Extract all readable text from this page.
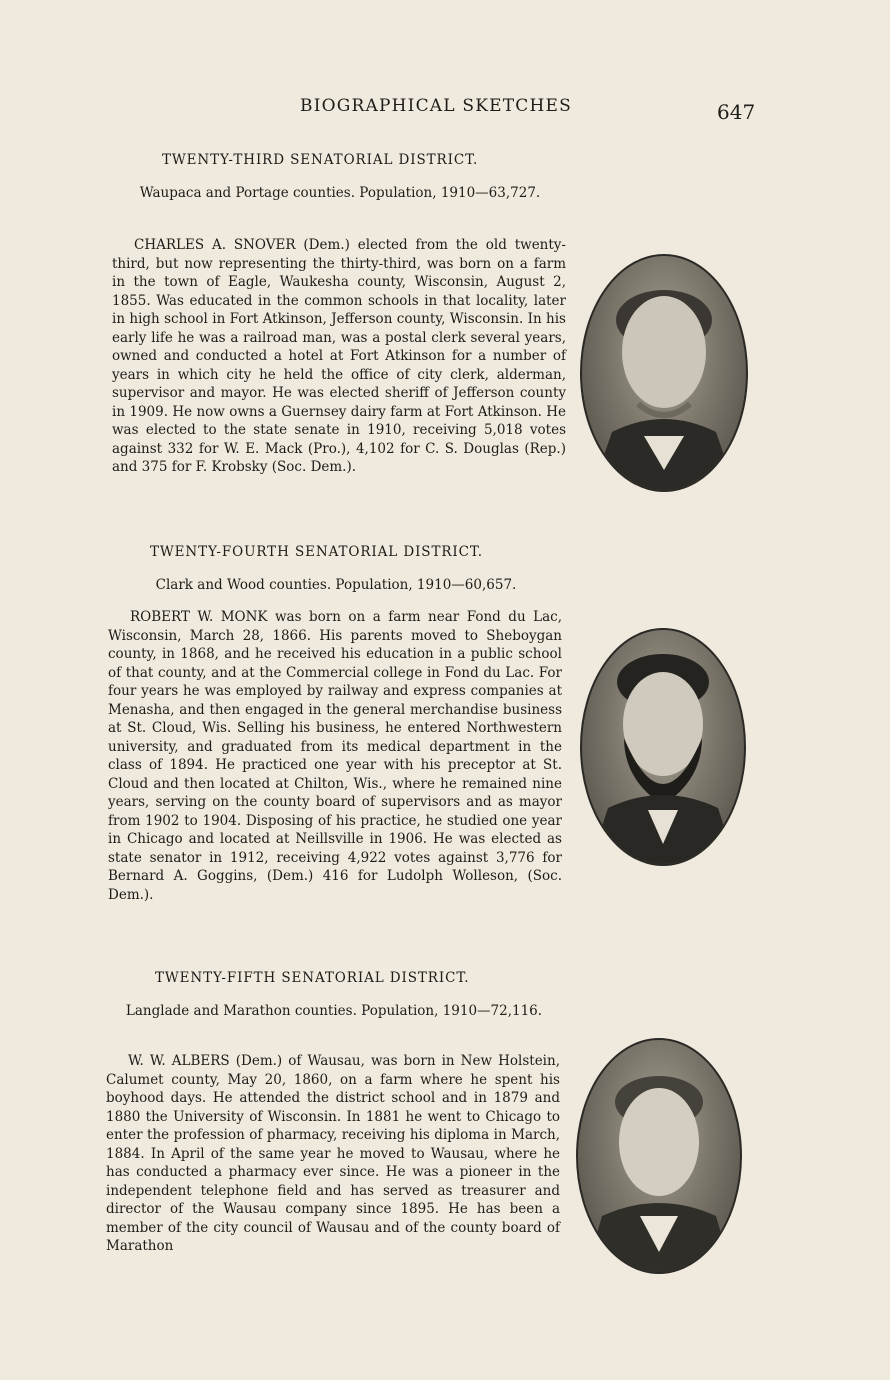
BIOGRAPHICAL SKETCHES	647
TWENTY-THIRD SENATORIAL DISTRICT.
Waupaca and Portage counties. Population, 1910—63,727.
CHARLES A. SNOVER (Dem.) elected from the old twenty-third, but now representing the thirty-third, was born on a farm in the town of Eagle, Waukesha county, Wisconsin, August 2, 1855. Was educated in the common schools in that locality, later in high school in Fort Atkinson, Jefferson county, Wisconsin. In his early life he was a railroad man, was a postal clerk several years, owned and conducted a hotel at Fort Atkinson for a number of years in which city he held the office of city clerk, alderman, supervisor and mayor. He was elected sheriff of Jefferson county in 1909. He now owns a Guernsey dairy farm at Fort Atkinson. He was elected to the state senate in 1910, receiving 5,018 votes against 332 for W. E. Mack (Pro.), 4,102 for C. S. Douglas (Rep.) and 375 for F. Krobsky (Soc. Dem.).
TWENTY-FOURTH SENATORIAL DISTRICT.
Clark and Wood counties. Population, 1910—60,657.
ROBERT W. MONK was born on a farm near Fond du Lac, Wisconsin, March 28, 1866. His parents moved to Sheboygan county, in 1868, and he received his education in a public school of that county, and at the Commercial college in Fond du Lac. For four years he was employed by railway and express companies at Menasha, and then engaged in the general merchandise business at St. Cloud, Wis. Selling his business, he entered Northwestern university, and graduated from its medical department in the class of 1894. He practiced one year with his preceptor at St. Cloud and then located at Chilton, Wis., where he remained nine years, serving on the county board of supervisors and as mayor from 1902 to 1904. Disposing of his practice, he studied one year in Chicago and located at Neillsville in 1906. He was elected as state senator in 1912, receiving 4,922 votes against 3,776 for Bernard A. Goggins, (Dem.) 416 for Ludolph Wolleson, (Soc. Dem.).
TWENTY-FIFTH SENATORIAL DISTRICT.
Langlade and Marathon counties. Population, 1910—72,116.
W. W. ALBERS (Dem.) of Wausau, was born in New Holstein, Calumet county, May 20, 1860, on a farm where he spent his boyhood days. He attended the district school and in 1879 and 1880 the University of Wisconsin. In 1881 he went to Chicago to enter the profession of pharmacy, receiving his diploma in March, 1884. In April of the same year he moved to Wausau, where he has conducted a pharmacy ever since. He was a pioneer in the independent telephone field and has served as treasurer and director of the Wausau company since 1895. He has been a member of the city council of Wausau and of the county board of Marathon
